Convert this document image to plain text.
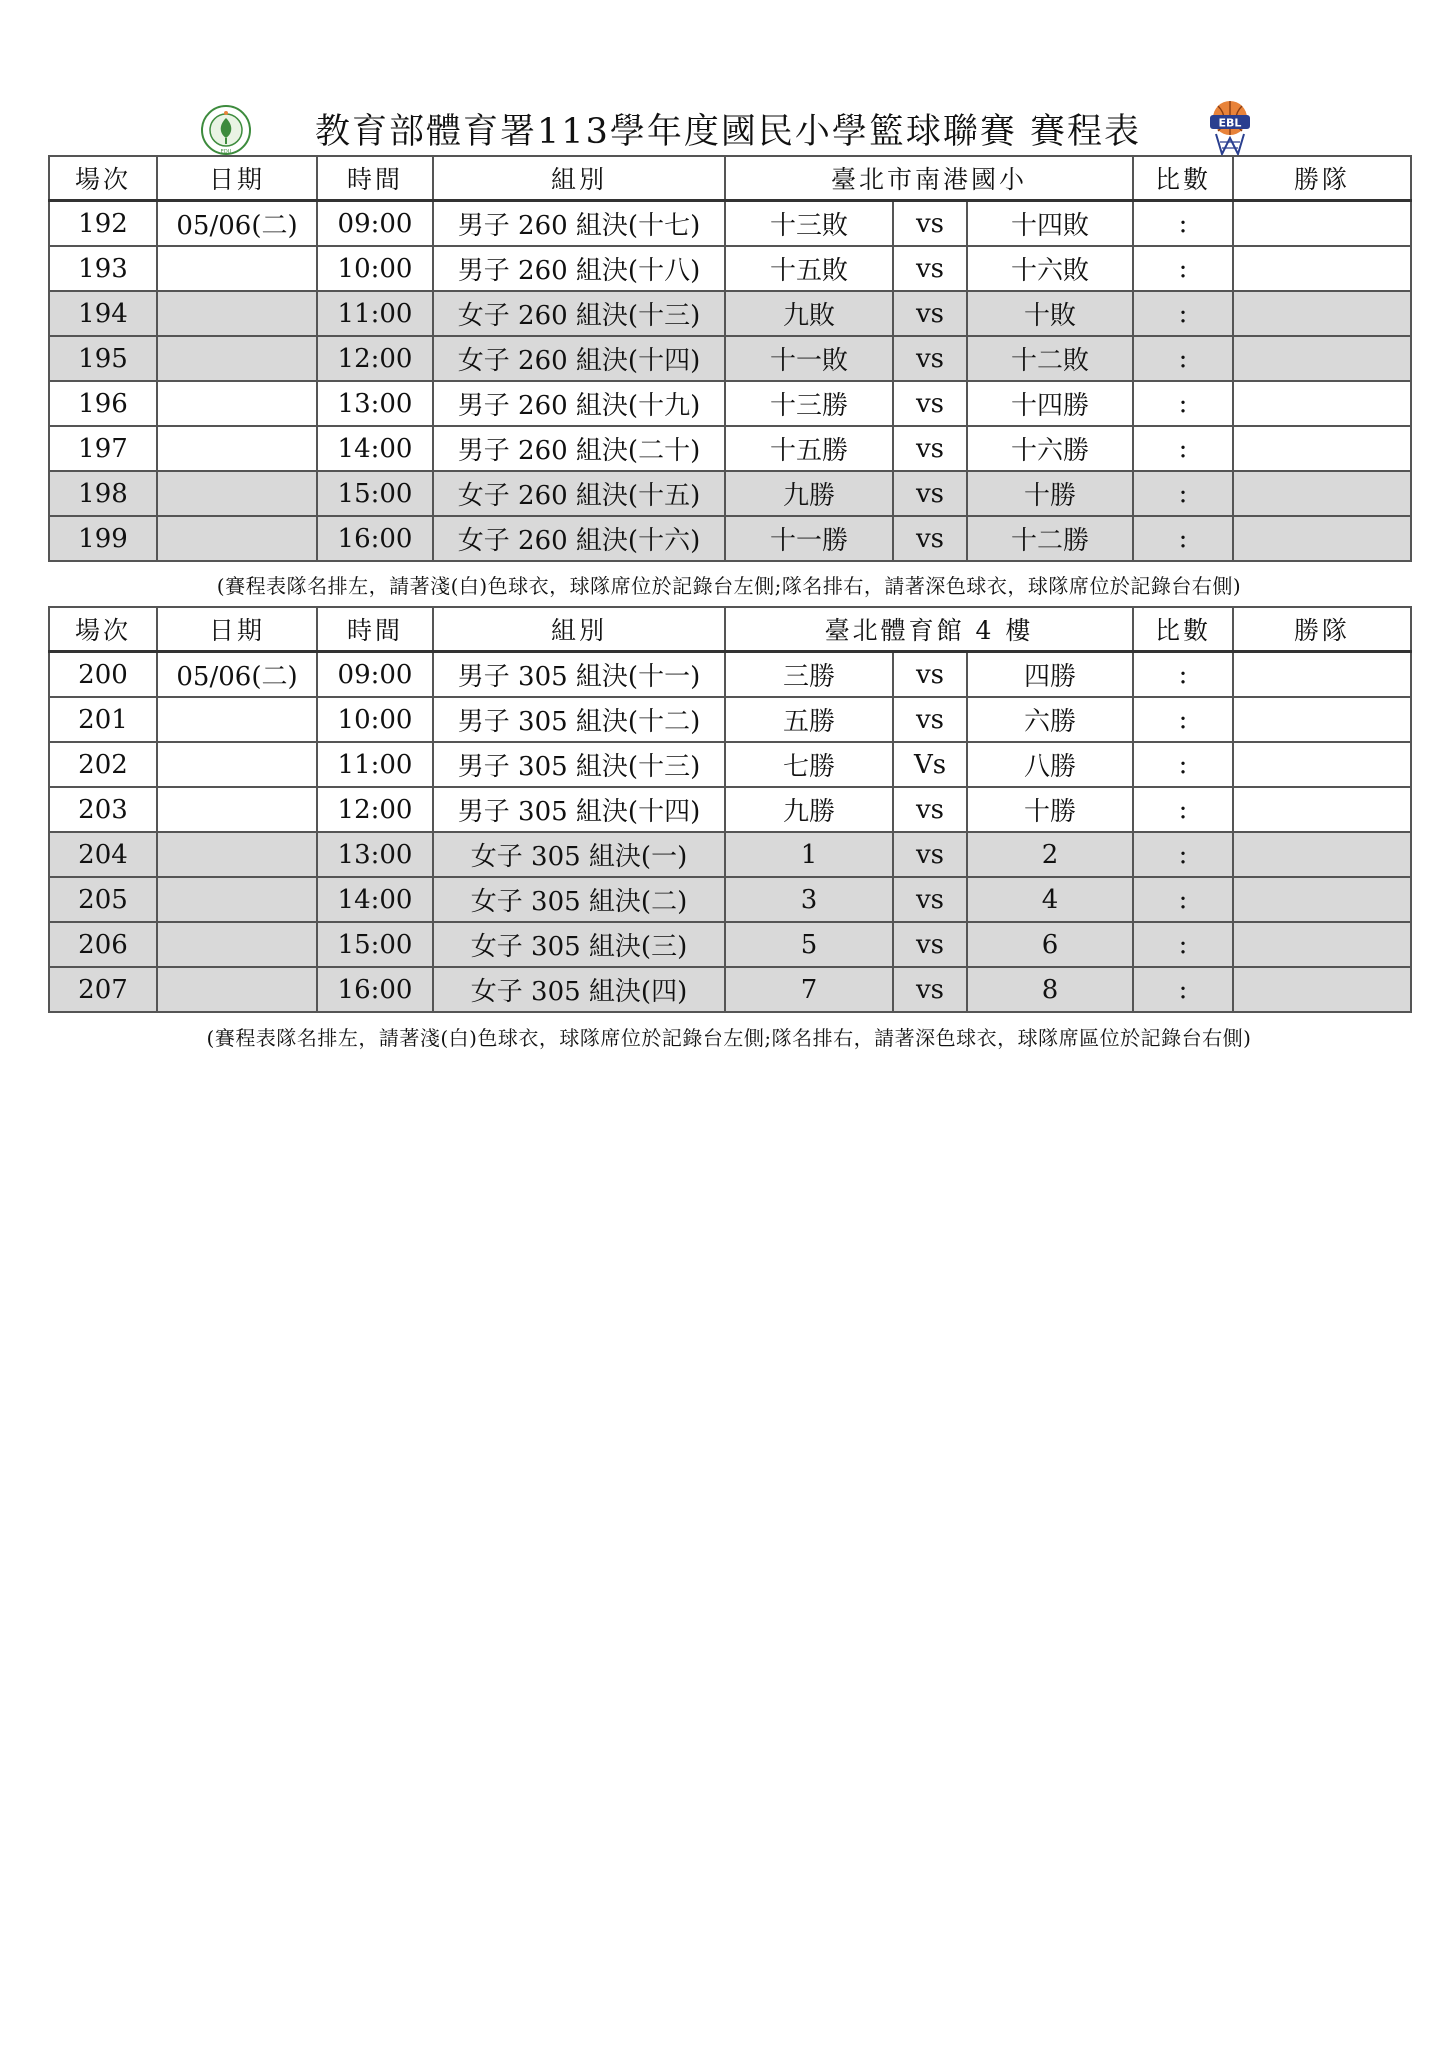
EDU	教育部體育署113學年度國民小學籃球聯賽 賽程表	EBL
場次	日期	時間	組別	臺北市南港國小			比數	勝隊
192	05/06(二)	09:00	男子 260 組決(十七)	十三敗	vs	十四敗	:	
193		10:00	男子 260 組決(十八)	十五敗	vs	十六敗	:	
194		11:00	女子 260 組決(十三)	九敗	vs	十敗	:	
195		12:00	女子 260 組決(十四)	十一敗	vs	十二敗	:	
196		13:00	男子 260 組決(十九)	十三勝	vs	十四勝	:	
197		14:00	男子 260 組決(二十)	十五勝	vs	十六勝	:	
198		15:00	女子 260 組決(十五)	九勝	vs	十勝	:	
199		16:00	女子 260 組決(十六)	十一勝	vs	十二勝	:	
(賽程表隊名排左，請著淺(白)色球衣，球隊席位於記錄台左側;隊名排右，請著深色球衣，球隊席位於記錄台右側)
場次	日期	時間	組別	臺北體育館 4 樓			比數	勝隊
200	05/06(二)	09:00	男子 305 組決(十一)	三勝	vs	四勝	:	
201		10:00	男子 305 組決(十二)	五勝	vs	六勝	:	
202		11:00	男子 305 組決(十三)	七勝	Vs	八勝	:	
203		12:00	男子 305 組決(十四)	九勝	vs	十勝	:	
204		13:00	女子 305 組決(一)	1	vs	2	:	
205		14:00	女子 305 組決(二)	3	vs	4	:	
206		15:00	女子 305 組決(三)	5	vs	6	:	
207		16:00	女子 305 組決(四)	7	vs	8	:	
(賽程表隊名排左，請著淺(白)色球衣，球隊席位於記錄台左側;隊名排右，請著深色球衣，球隊席區位於記錄台右側)
